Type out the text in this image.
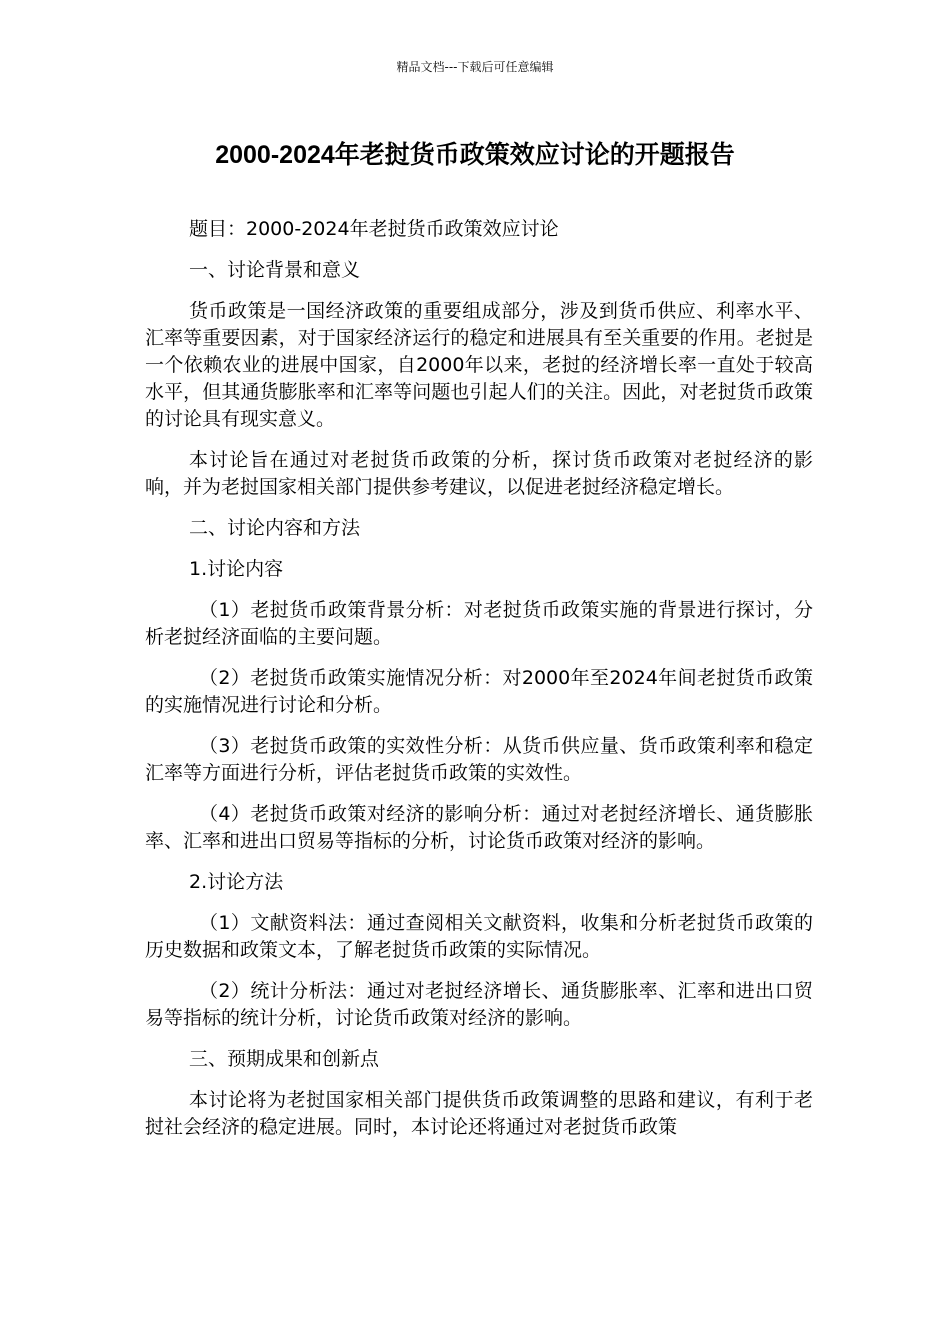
精品文档---下载后可任意编辑
2000-2024年老挝货币政策效应讨论的开题报告

题目：2000-2024年老挝货币政策效应讨论

一、讨论背景和意义

货币政策是一国经济政策的重要组成部分，涉及到货币供应、利率水平、汇率等重要因素，对于国家经济运行的稳定和进展具有至关重要的作用。老挝是一个依赖农业的进展中国家，自2000年以来，老挝的经济增长率一直处于较高水平，但其通货膨胀率和汇率等问题也引起人们的关注。因此，对老挝货币政策的讨论具有现实意义。

本讨论旨在通过对老挝货币政策的分析，探讨货币政策对老挝经济的影响，并为老挝国家相关部门提供参考建议，以促进老挝经济稳定增长。

二、讨论内容和方法

1.讨论内容

（1）老挝货币政策背景分析：对老挝货币政策实施的背景进行探讨，分析老挝经济面临的主要问题。

（2）老挝货币政策实施情况分析：对2000年至2024年间老挝货币政策的实施情况进行讨论和分析。

（3）老挝货币政策的实效性分析：从货币供应量、货币政策利率和稳定汇率等方面进行分析，评估老挝货币政策的实效性。

（4）老挝货币政策对经济的影响分析：通过对老挝经济增长、通货膨胀率、汇率和进出口贸易等指标的分析，讨论货币政策对经济的影响。

2.讨论方法

（1）文献资料法：通过查阅相关文献资料，收集和分析老挝货币政策的历史数据和政策文本，了解老挝货币政策的实际情况。

（2）统计分析法：通过对老挝经济增长、通货膨胀率、汇率和进出口贸易等指标的统计分析，讨论货币政策对经济的影响。

三、预期成果和创新点

本讨论将为老挝国家相关部门提供货币政策调整的思路和建议，有利于老挝社会经济的稳定进展。同时，本讨论还将通过对老挝货币政策
